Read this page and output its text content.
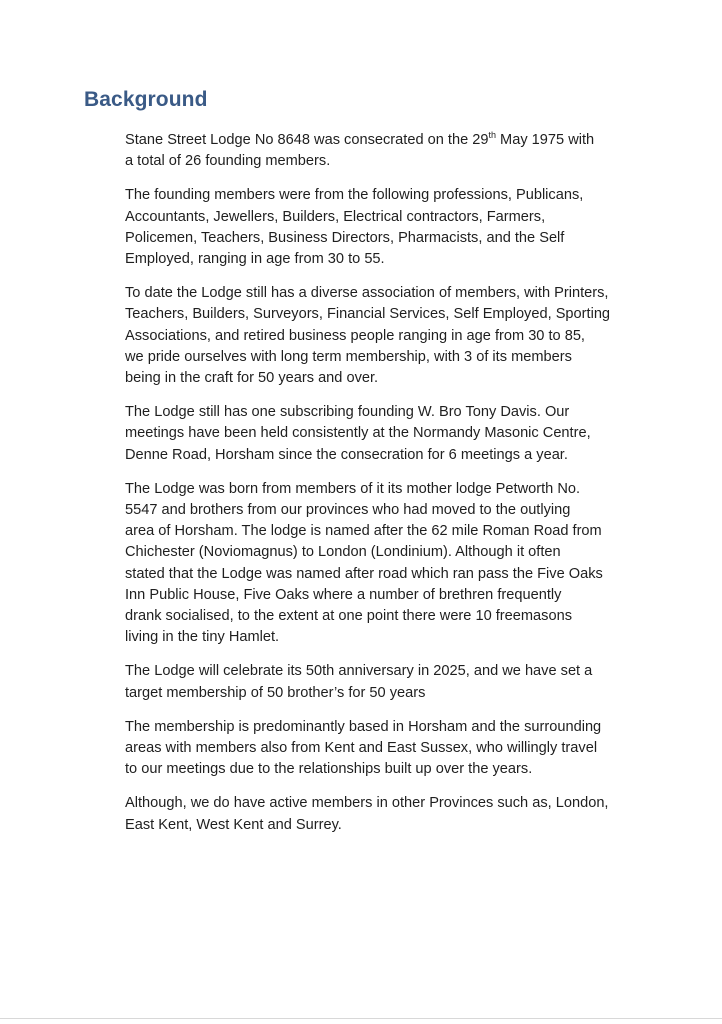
Background

Stane Street Lodge No 8648 was consecrated on the 29th May 1975 with
a total of 26 founding members.

The founding members were from the following professions, Publicans,
Accountants, Jewellers, Builders, Electrical contractors, Farmers,
Policemen, Teachers, Business Directors, Pharmacists, and the Self
Employed, ranging in age from 30 to 55.

To date the Lodge still has a diverse association of members, with Printers,
Teachers, Builders, Surveyors, Financial Services, Self Employed, Sporting
Associations, and retired business people ranging in age from 30 to 85,
we pride ourselves with long term membership, with 3 of its members
being in the craft for 50 years and over.

The Lodge still has one subscribing founding W. Bro Tony Davis. Our
meetings have been held consistently at the Normandy Masonic Centre,
Denne Road, Horsham since the consecration for 6 meetings a year.

The Lodge was born from members of it its mother lodge Petworth No.
5547 and brothers from our provinces who had moved to the outlying
area of Horsham. The lodge is named after the 62 mile Roman Road from
Chichester (Noviomagnus) to London (Londinium). Although it often
stated that the Lodge was named after road which ran pass the Five Oaks
Inn Public House, Five Oaks where a number of brethren frequently
drank socialised, to the extent at one point there were 10 freemasons
living in the tiny Hamlet.

The Lodge will celebrate its 50th anniversary in 2025, and we have set a
target membership of 50 brother’s for 50 years

The membership is predominantly based in Horsham and the surrounding
areas with members also from Kent and East Sussex, who willingly travel
to our meetings due to the relationships built up over the years.

Although, we do have active members in other Provinces such as, London,
East Kent, West Kent and Surrey.
